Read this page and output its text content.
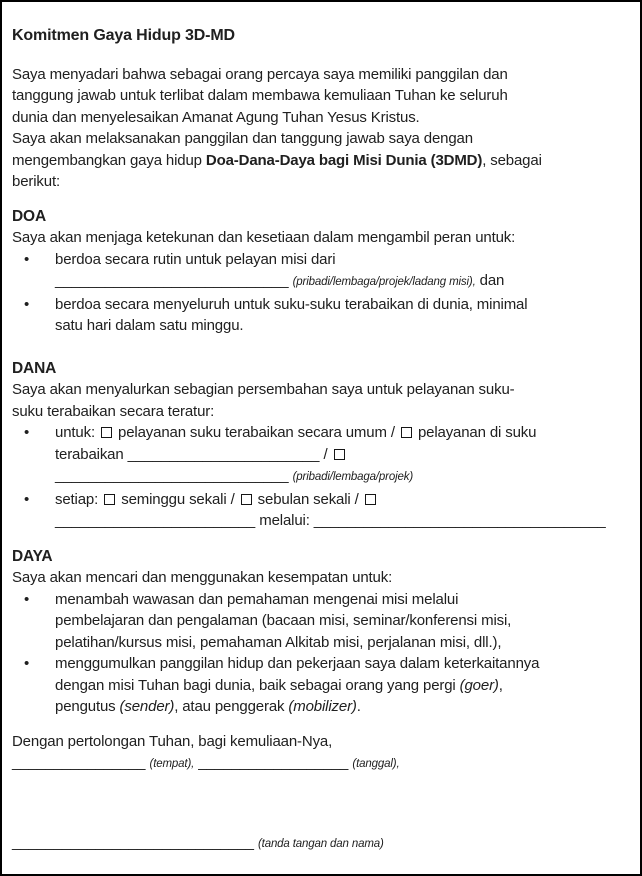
Komitmen Gaya Hidup 3D-MD
Saya menyadari bahwa sebagai orang percaya saya memiliki panggilan dan
tanggung jawab untuk terlibat dalam membawa kemuliaan Tuhan ke seluruh
dunia dan menyelesaikan Amanat Agung Tuhan Yesus Kristus.
Saya akan melaksanakan panggilan dan tanggung jawab saya dengan
mengembangkan gaya hidup Doa-Dana-Daya bagi Misi Dunia (3DMD), sebagai
berikut:
DOA
Saya akan menjaga ketekunan dan kesetiaan dalam mengambil peran untuk:
• berdoa secara rutin untuk pelayan misi dari
____________________________ (pribadi/lembaga/projek/ladang misi), dan
• berdoa secara menyeluruh untuk suku-suku terabaikan di dunia, minimal
satu hari dalam satu minggu.
DANA
Saya akan menyalurkan sebagian persembahan saya untuk pelayanan suku-
suku terabaikan secara teratur:
• untuk: pelayanan suku terabaikan secara umum / pelayanan di suku
terabaikan _______________________ /
____________________________ (pribadi/lembaga/projek)
• setiap: seminggu sekali / sebulan sekali /
________________________ melalui: ___________________________________
DAYA
Saya akan mencari dan menggunakan kesempatan untuk:
• menambah wawasan dan pemahaman mengenai misi melalui
pembelajaran dan pengalaman (bacaan misi, seminar/konferensi misi,
pelatihan/kursus misi, pemahaman Alkitab misi, perjalanan misi, dll.),
• menggumulkan panggilan hidup dan pekerjaan saya dalam keterkaitannya
dengan misi Tuhan bagi dunia, baik sebagai orang yang pergi (goer),
pengutus (sender), atau penggerak (mobilizer).
Dengan pertolongan Tuhan, bagi kemuliaan-Nya,
________________ (tempat), __________________ (tanggal),
_____________________________ (tanda tangan dan nama)
